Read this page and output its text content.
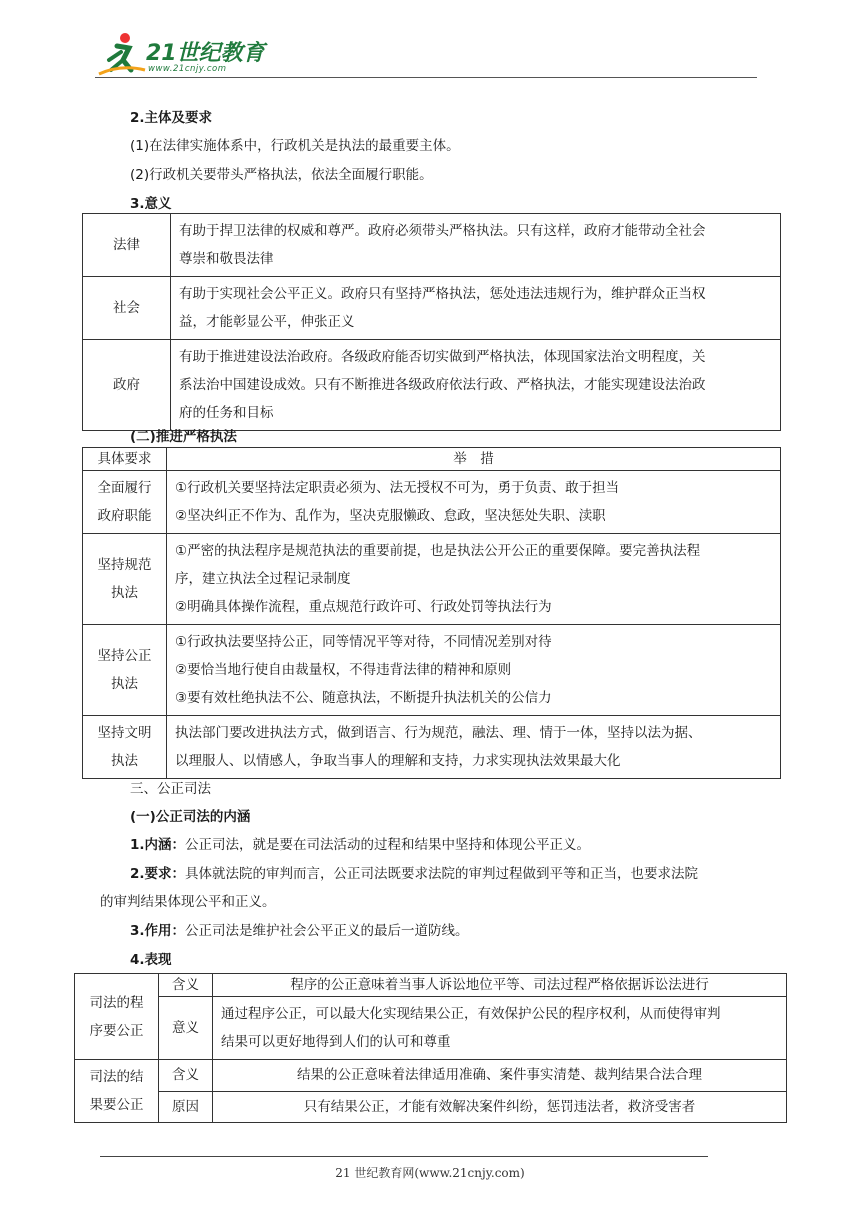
21世纪教育
www.21cnjy.com
2.主体及要求
(1)在法律实施体系中，行政机关是执法的最重要主体。
(2)行政机关要带头严格执法，依法全面履行职能。
3.意义
法律	有助于捍卫法律的权威和尊严。政府必须带头严格执法。只有这样，政府才能带动全社会
尊崇和敬畏法律
社会	有助于实现社会公平正义。政府只有坚持严格执法，惩处违法违规行为，维护群众正当权
益，才能彰显公平，伸张正义
政府	有助于推进建设法治政府。各级政府能否切实做到严格执法，体现国家法治文明程度，关
系法治中国建设成效。只有不断推进各级政府依法行政、严格执法，才能实现建设法治政
府的任务和目标
(二)推进严格执法
具体要求	举　措
全面履行
政府职能	①行政机关要坚持法定职责必须为、法无授权不可为，勇于负责、敢于担当
②坚决纠正不作为、乱作为，坚决克服懒政、怠政，坚决惩处失职、渎职
坚持规范
执法	①严密的执法程序是规范执法的重要前提，也是执法公开公正的重要保障。要完善执法程
序，建立执法全过程记录制度
②明确具体操作流程，重点规范行政许可、行政处罚等执法行为
坚持公正
执法	①行政执法要坚持公正，同等情况平等对待，不同情况差别对待
②要恰当地行使自由裁量权，不得违背法律的精神和原则
③要有效杜绝执法不公、随意执法，不断提升执法机关的公信力
坚持文明
执法	执法部门要改进执法方式，做到语言、行为规范，融法、理、情于一体，坚持以法为据、
以理服人、以情感人，争取当事人的理解和支持，力求实现执法效果最大化
三、公正司法
(一)公正司法的内涵
1.内涵：公正司法，就是要在司法活动的过程和结果中坚持和体现公平正义。
2.要求：具体就法院的审判而言，公正司法既要求法院的审判过程做到平等和正当，也要求法院
的审判结果体现公平和正义。
3.作用：公正司法是维护社会公平正义的最后一道防线。
4.表现
司法的程
序要公正	含义	程序的公正意味着当事人诉讼地位平等、司法过程严格依据诉讼法进行
	意义	通过程序公正，可以最大化实现结果公正，有效保护公民的程序权利，从而使得审判
结果可以更好地得到人们的认可和尊重
司法的结
果要公正	含义	结果的公正意味着法律适用准确、案件事实清楚、裁判结果合法合理
	原因	只有结果公正，才能有效解决案件纠纷，惩罚违法者，救济受害者
21 世纪教育网(www.21cnjy.com)
